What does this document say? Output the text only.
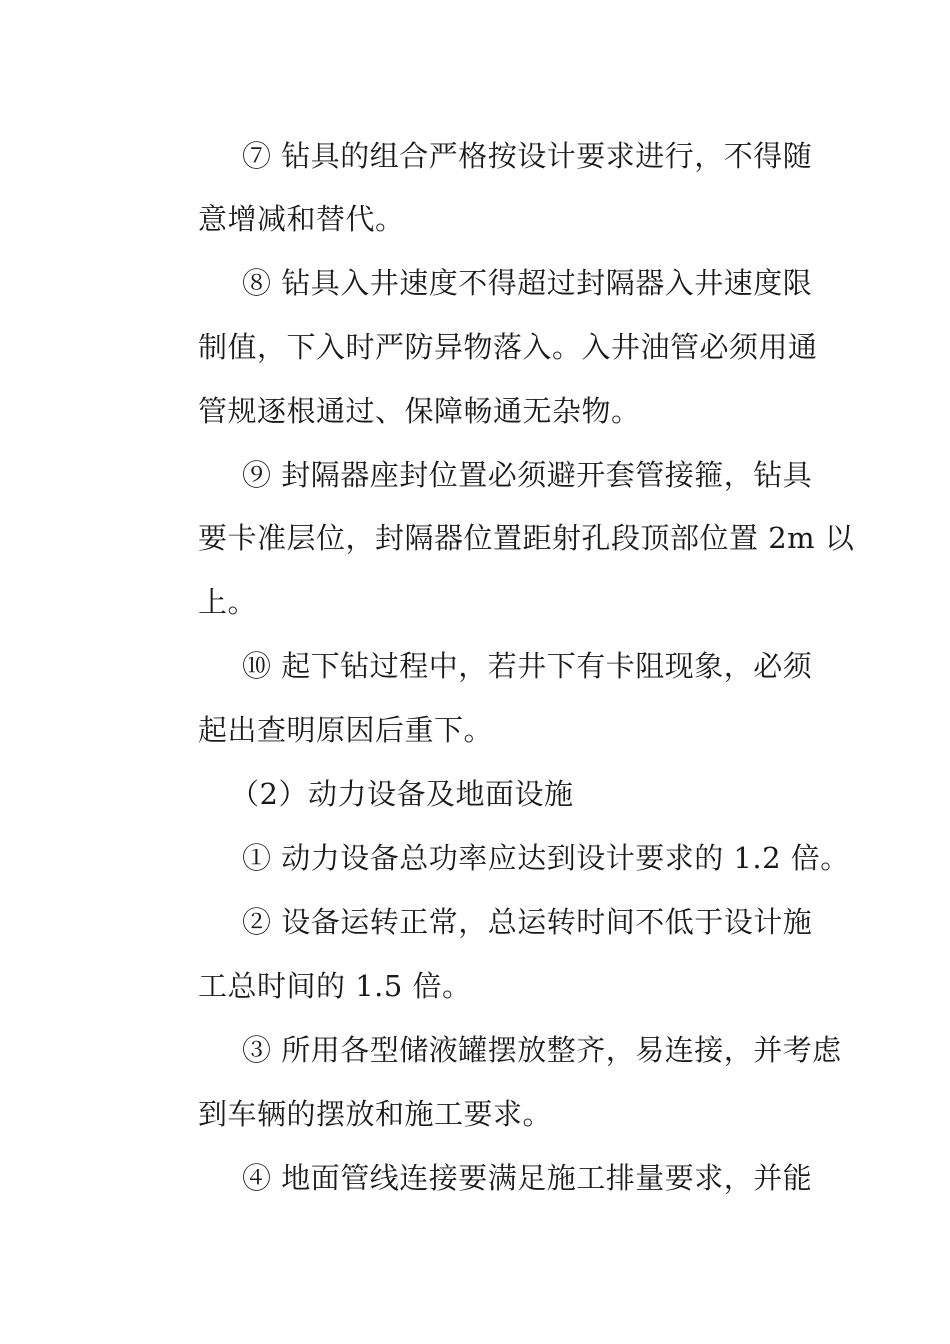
⑦ 钻具的组合严格按设计要求进行，不得随
意增减和替代。
⑧ 钻具入井速度不得超过封隔器入井速度限
制值，下入时严防异物落入。入井油管必须用通
管规逐根通过、保障畅通无杂物。
⑨ 封隔器座封位置必须避开套管接箍，钻具
要卡准层位，封隔器位置距射孔段顶部位置 2m 以
上。
⑩ 起下钻过程中，若井下有卡阻现象，必须
起出查明原因后重下。
（2）动力设备及地面设施
① 动力设备总功率应达到设计要求的 1.2 倍。
② 设备运转正常，总运转时间不低于设计施
工总时间的 1.5 倍。
③ 所用各型储液罐摆放整齐，易连接，并考虑
到车辆的摆放和施工要求。
④ 地面管线连接要满足施工排量要求，并能
